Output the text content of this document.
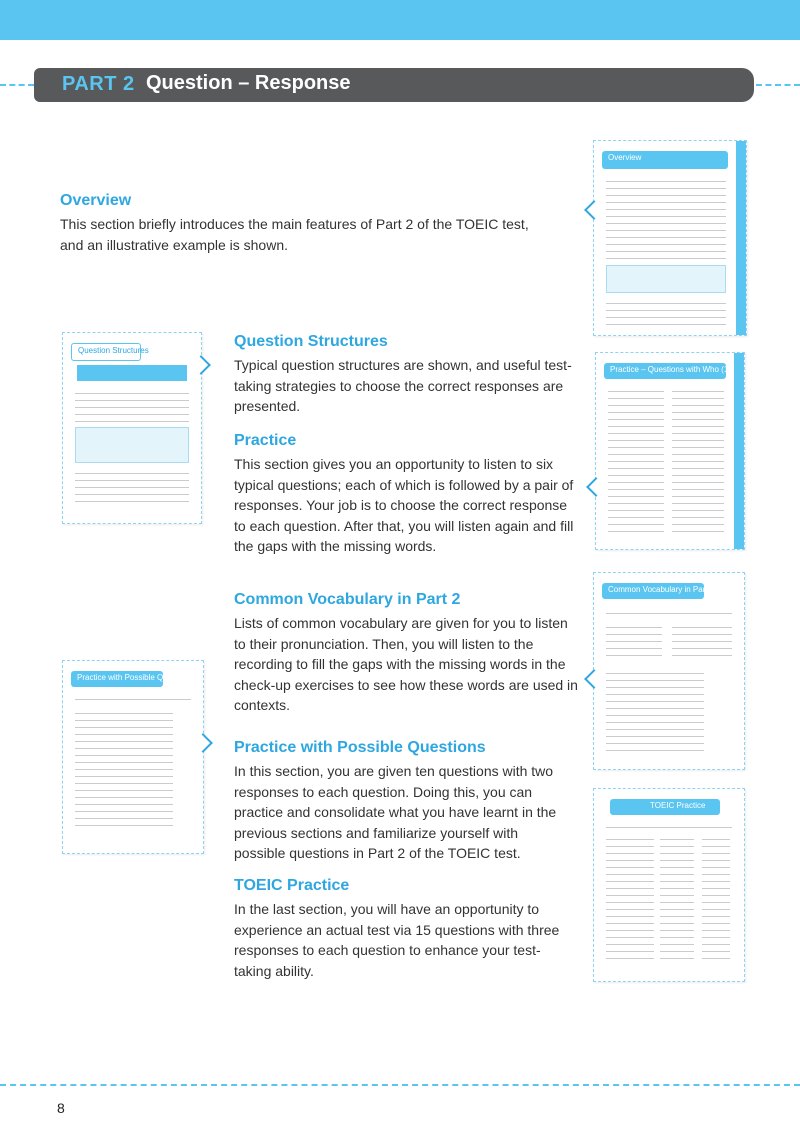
PART 2 Question – Response
Overview

This section briefly introduces the main features of Part 2 of the TOEIC test, and an illustrative example is shown.

Question Structures

Typical question structures are shown, and useful test-taking strategies to choose the correct responses are presented.

Practice

This section gives you an opportunity to listen to six typical questions; each of which is followed by a pair of responses. Your job is to choose the correct response to each question. After that, you will listen again and fill the gaps with the missing words.

Common Vocabulary in Part 2

Lists of common vocabulary are given for you to listen to their pronunciation. Then, you will listen to the recording to fill the gaps with the missing words in the check-up exercises to see how these words are used in contexts.

Practice with Possible Questions

In this section, you are given ten questions with two responses to each question. Doing this, you can practice and consolidate what you have learnt in the previous sections and familiarize yourself with possible questions in Part 2 of the TOEIC test.

TOEIC Practice

In the last section, you will have an opportunity to experience an actual test via 15 questions with three responses to each question to enhance your test-taking ability.

Overview
Question Structures
Practice – Questions with Who (1)
Common Vocabulary in Part 2
Practice with Possible Questions
TOEIC Practice
8
